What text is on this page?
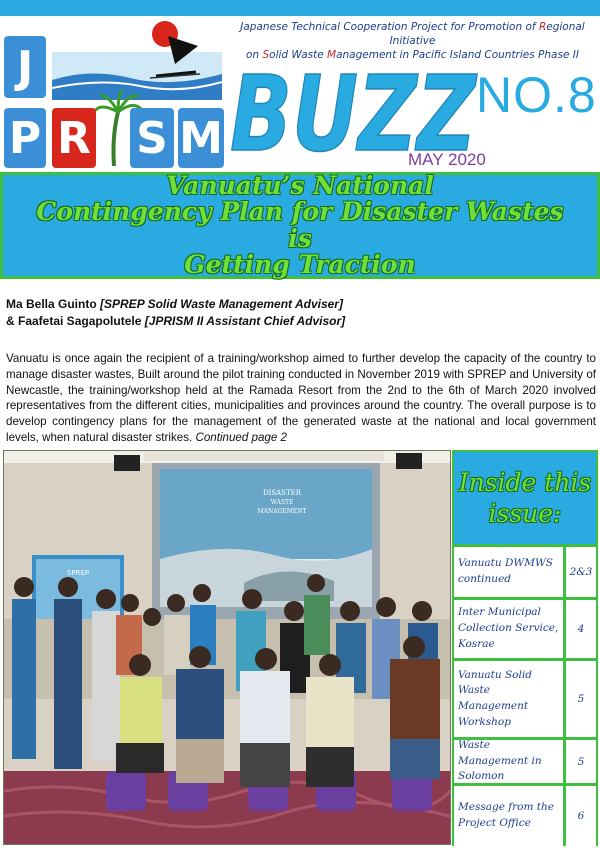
J
P R S M
Japanese Technical Cooperation Project for Promotion of Regional Initiative
on Solid Waste Management in Pacific Island Countries Phase II
BUZZ
NO.8
MAY 2020
Vanuatu’s National
Contingency Plan for Disaster Wastes is
Getting Traction
Ma Bella Guinto [SPREP Solid Waste Management Adviser]
& Faafetai Sagapolutele [JPRISM II Assistant Chief Advisor]

Vanuatu is once again the recipient of a training/workshop aimed to further develop the capacity of the country to manage disaster wastes, Built around the pilot training conducted in November 2019 with SPREP and University of Newcastle, the training/workshop held at the Ramada Resort from the 2nd to the 6th of March 2020 involved representatives from the different cities, municipalities and provinces around the country. The overall purpose is to develop contingency plans for the management of the generated waste at the national and local government levels, when natural disaster strikes. Continued page 2

DISASTER
WASTE
MANAGEMENT
SPREP
Inside this
issue:
Vanuatu DWMWS continued
2&3
Inter Municipal Collection Service, Kosrae
4
Vanuatu Solid Waste Management Workshop
5
Waste Management in Solomon
5
Message from the Project Office
6
